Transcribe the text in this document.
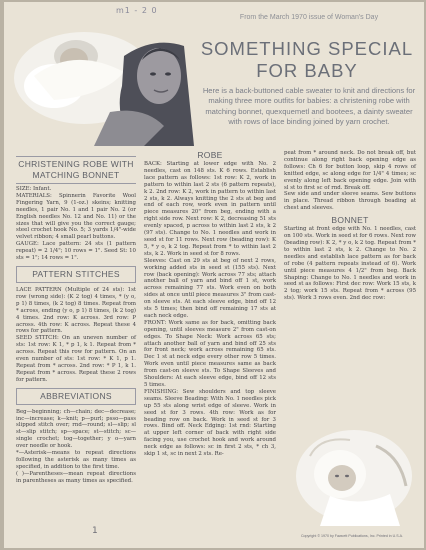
m1 - 2 0
From the March 1970 issue of Woman's Day
SOMETHING SPECIAL
FOR BABY
Here is a back-buttoned cable sweater to knit and directions for making three more outfits for babies: a christening robe with matching bonnet, quexquemetl and bootees, a dainty sweater with rows of lace binding joined by yarn crochet.
CHRISTENING ROBE WITH
MATCHING BONNET

SIZE: Infant.

MATERIALS: Spinnerin Favorite Wool Fingering Yarn, 9 (1-oz.) skeins; knitting needles, 1 pair No. 1 and 1 pair No. 2 (or English needles No. 12 and No. 11) or the sizes that will give you the correct gauge; steel crochet hook No. 5; 3 yards 1/4"-wide velvet ribbon; 4 small pearl buttons.

GAUGE: Lace pattern: 24 sts (1 pattern repeat) = 2 1/4"; 10 rows = 1". Seed St: 10 sts = 1"; 14 rows = 1".

PATTERN STITCHES

LACE PATTERN (Multiple of 24 sts): 1st row (wrong side): (K 2 tog) 4 times, * (y o, p 1) 8 times, (k 2 tog) 8 times. Repeat from * across, ending (y o, p 1) 8 times, (k 2 tog) 4 times. 2nd row: K across. 3rd row: P across. 4th row: K across. Repeat these 4 rows for pattern.

SEED STITCH: On an uneven number of sts: 1st row: K 1, * p 1, k 1. Repeat from * across. Repeat this row for pattern. On an even number of sts: 1st row: * K 1, p 1. Repeat from * across. 2nd row: * P 1, k 1. Repeat from * across. Repeat these 2 rows for pattern.

ABBREVIATIONS

Beg—beginning; ch—chain; dec—decrease; inc—increase; k—knit; p—purl; psso—pass slipped stitch over; rnd—round; sl—slip; sl st—slip stitch; sp—space; st—stitch; sc—single crochet; tog—together; y o—yarn over needle or hook.

*—Asterisk—means to repeat directions following the asterisk as many times as specified, in addition to the first time.

( )—Parentheses—mean repeat directions in parentheses as many times as specified.

ROBE

BACK: Starting at lower edge with No. 2 needles, cast on 148 sts. K 6 rows. Establish lace pattern as follows: 1st row: K 2, work in pattern to within last 2 sts (6 pattern repeats), k 2. 2nd row: K 2, work in pattern to within last 2 sts, k 2. Always knitting the 2 sts at beg and end of each row, work even in pattern until piece measures 20" from beg, ending with a right side row. Next row: K 2, decreasing 51 sts evenly spaced, p across to within last 2 sts, k 2 (97 sts). Change to No. 1 needles and work in seed st for 11 rows. Next row (beading row): K 5, * y o, k 2 tog. Repeat from * to within last 2 sts, k 2. Work in seed st for 8 rows.

Sleeves: Cast on 29 sts at beg of next 2 rows, working added sts in seed st (155 sts). Next row (back opening): Work across 77 sts; attach another ball of yarn and bind off 1 st, work across remaining 77 sts. Work even on both sides at once until piece measures 3" from cast-on sleeve sts. At each sleeve edge, bind off 12 sts 5 times; then bind off remaining 17 sts at each neck edge.

FRONT: Work same as for back, omitting back opening, until sleeves measure 2" from cast-on edges. To Shape Neck: Work across 65 sts; attach another ball of yarn and bind off 25 sts for front neck; work across remaining 65 sts. Dec 1 st at neck edge every other row 5 times. Work even until piece measures same as back from cast-on sleeve sts. To Shape Sleeves and Shoulders: At each sleeve edge, bind off 12 sts 5 times.

FINISHING: Sew shoulders and top sleeve seams. Sleeve Beading: With No. 1 needles pick up 55 sts along wrist edge of sleeve. Work in seed st for 3 rows. 4th row: Work as for beading row on back. Work in seed st for 3 rows. Bind off. Neck Edging: 1st rnd: Starting at upper left corner of back with right side facing you, use crochet hook and work around neck edge as follows: sc in first 2 sts, * ch 3, skip 1 st, sc in next 2 sts. Re-

peat from * around neck. Do not break off, but continue along right back opening edge as follows: Ch 6 for button loop, skip 4 rows of knitted edge, sc along edge for 1/4" 4 times; sc evenly along left back opening edge. Join with sl st to first sc of rnd. Break off.

Sew side and under sleeve seams. Sew buttons in place. Thread ribbon through beading at chest and sleeves.

BONNET

Starting at front edge with No. 1 needles, cast on 100 sts. Work in seed st for 6 rows. Next row (beading row): K 2, * y o, k 2 tog. Repeat from * to within last 2 sts, k 2. Change to No. 2 needles and establish lace pattern as for back of robe (4 pattern repeats instead of 6). Work until piece measures 4 1/2" from beg. Back Shaping: Change to No. 1 needles and work in seed st as follows: First dec row: Work 15 sts, k 2 tog; work 15 sts. Repeat from * across (95 sts). Work 3 rows even. 2nd dec row:

Copyright © 1970 by Fawcett Publications, Inc. Printed in U.S.A.
1
